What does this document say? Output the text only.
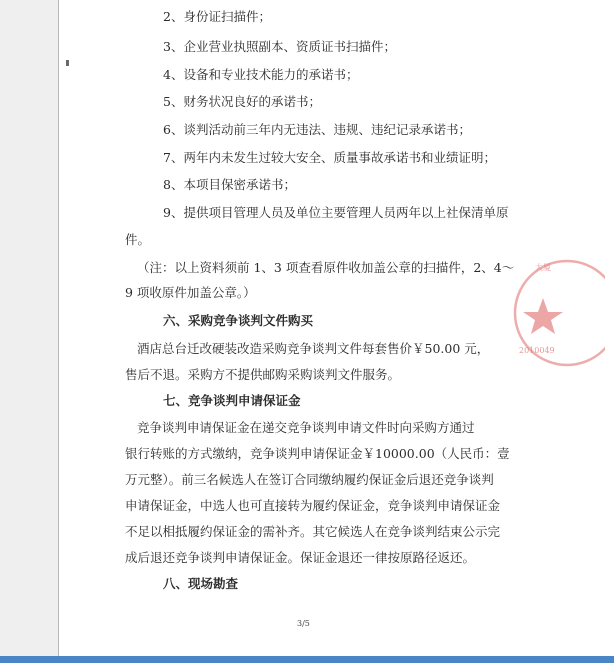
2、身份证扫描件；
3、企业营业执照副本、资质证书扫描件；
4、设备和专业技术能力的承诺书；
5、财务状况良好的承诺书；
6、谈判活动前三年内无违法、违规、违纪记录承诺书；
7、两年内未发生过较大安全、质量事故承诺书和业绩证明；
8、本项目保密承诺书；
9、提供项目管理人员及单位主要管理人员两年以上社保清单原
件。
（注：以上资料须前 1、3 项查看原件收加盖公章的扫描件，2、4～
9 项收原件加盖公章。）
六、采购竞争谈判文件购买
酒店总台迁改硬装改造采购竞争谈判文件每套售价￥50.00 元，
售后不退。采购方不提供邮购采购谈判文件服务。
七、竞争谈判申请保证金
竞争谈判申请保证金在递交竞争谈判申请文件时向采购方通过
银行转账的方式缴纳，竞争谈判申请保证金￥10000.00（人民币：壹
万元整）。前三名候选人在签订合同缴纳履约保证金后退还竞争谈判
申请保证金，中选人也可直接转为履约保证金，竞争谈判申请保证金
不足以相抵履约保证金的需补齐。其它候选人在竞争谈判结束公示完
成后退还竞争谈判申请保证金。保证金退还一律按原路径返还。
八、现场勘查
大厦
2010049
3/5
